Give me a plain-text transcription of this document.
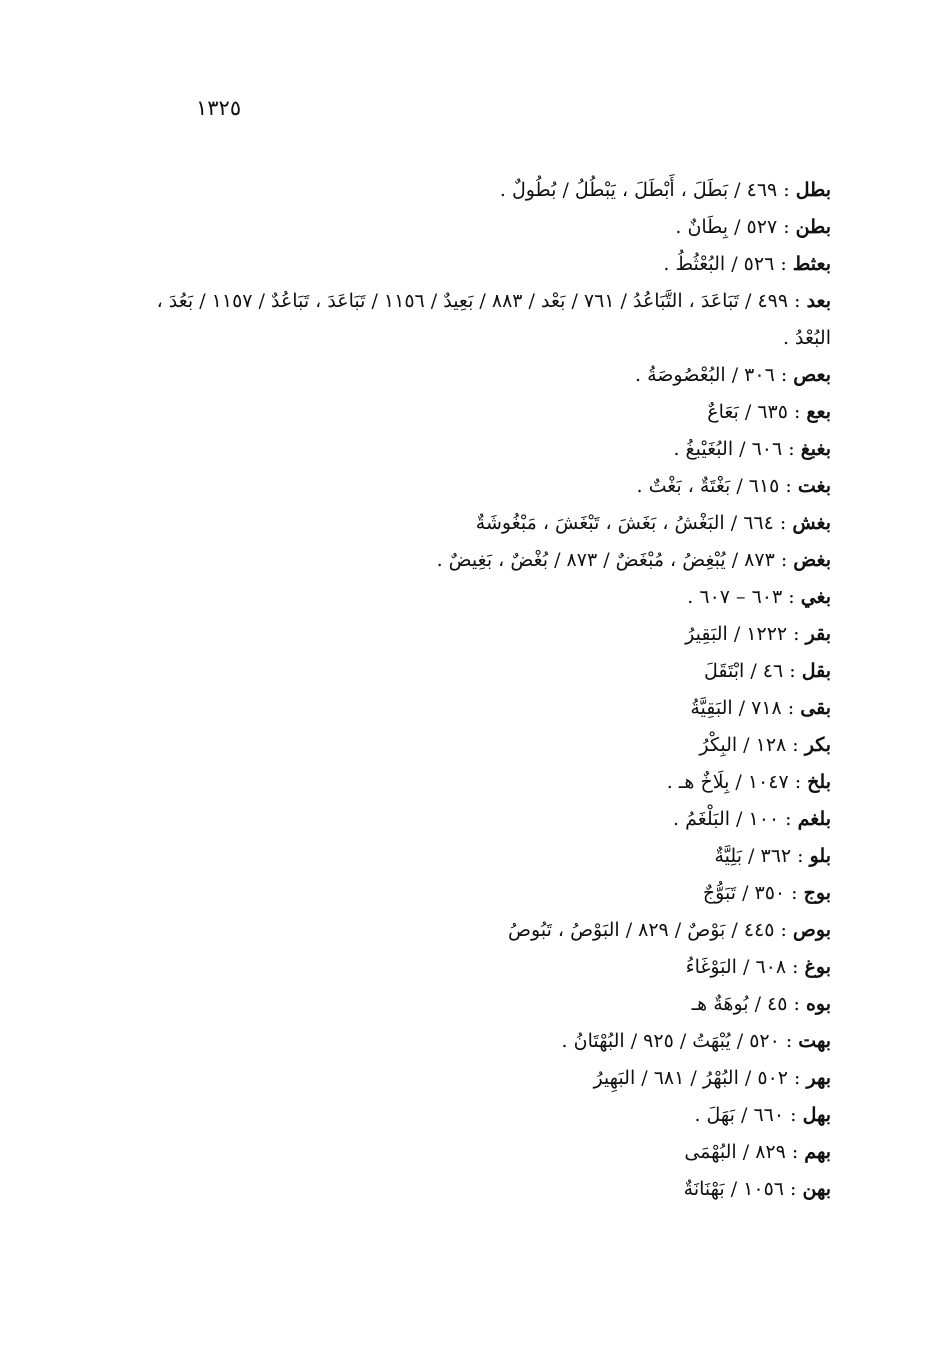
١٣٢٥
بطل : ٤٦٩ / بَطَلَ ، أَبْطَلَ ، يَبْطُلُ / بُطُولٌ .
بطن : ٥٢٧ / بِطَانٌ .
بعثط : ٥٢٦ / البُعْثُطُ .
بعد : ٤٩٩ / تَبَاعَدَ ، التَّبَاعُدُ / ٧٦١ / بَعْد / ٨٨٣ / بَعِيدٌ / ١١٥٦ / تَبَاعَدَ ، تَبَاعُدٌ / ١١٥٧ / بَعُدَ ، البُعْدُ .
بعص : ٣٠٦ / البُعْصُوصَةُ .
بعع : ٦٣٥ / بَعَاعٌ
بغبغ : ٦٠٦ / البُغَيْبغُ .
بغت : ٦١٥ / بَغْتَةٌ ، بَغْتٌ .
بغش : ٦٦٤ / البَغْشُ ، بَغَشَ ، تَبْغَشَ ، مَبْغُوشَةٌ
بغض : ٨٧٣ / يُبْغِضُ ، مُبْغَضٌ / ٨٧٣ / بُغْضٌ ، بَغِيضٌ .
بغي : ٦٠٣ – ٦٠٧ .
بقر : ١٢٢٢ / البَقِيرُ
بقل : ٤٦ / ابْتَقَلَ
بقى : ٧١٨ / البَقِيَّةُ
بكر : ١٢٨ / البِكْرُ
بلخ : ١٠٤٧ / بِلَاخٌ هـ .
بلغم : ١٠٠ / البَلْغَمُ .
بلو : ٣٦٢ / بَلِيَّةٌ
بوج : ٣٥٠ / تَبَوُّجٌ
بوص : ٤٤٥ / بَوْصٌ / ٨٢٩ / البَوْصُ ، تَبُوصُ
بوغ : ٦٠٨ / البَوْغَاءُ
بوه : ٤٥ / بُوهَةٌ هـ
بهت : ٥٢٠ / يُبْهَتُ / ٩٢٥ / البُهْتَانُ .
بهر : ٥٠٢ / البُهْرُ / ٦٨١ / البَهِيرُ
بهل : ٦٦٠ / بَهَلَ .
بهم : ٨٢٩ / البُهْمَى
بهن : ١٠٥٦ / بَهْنَانَةٌ
